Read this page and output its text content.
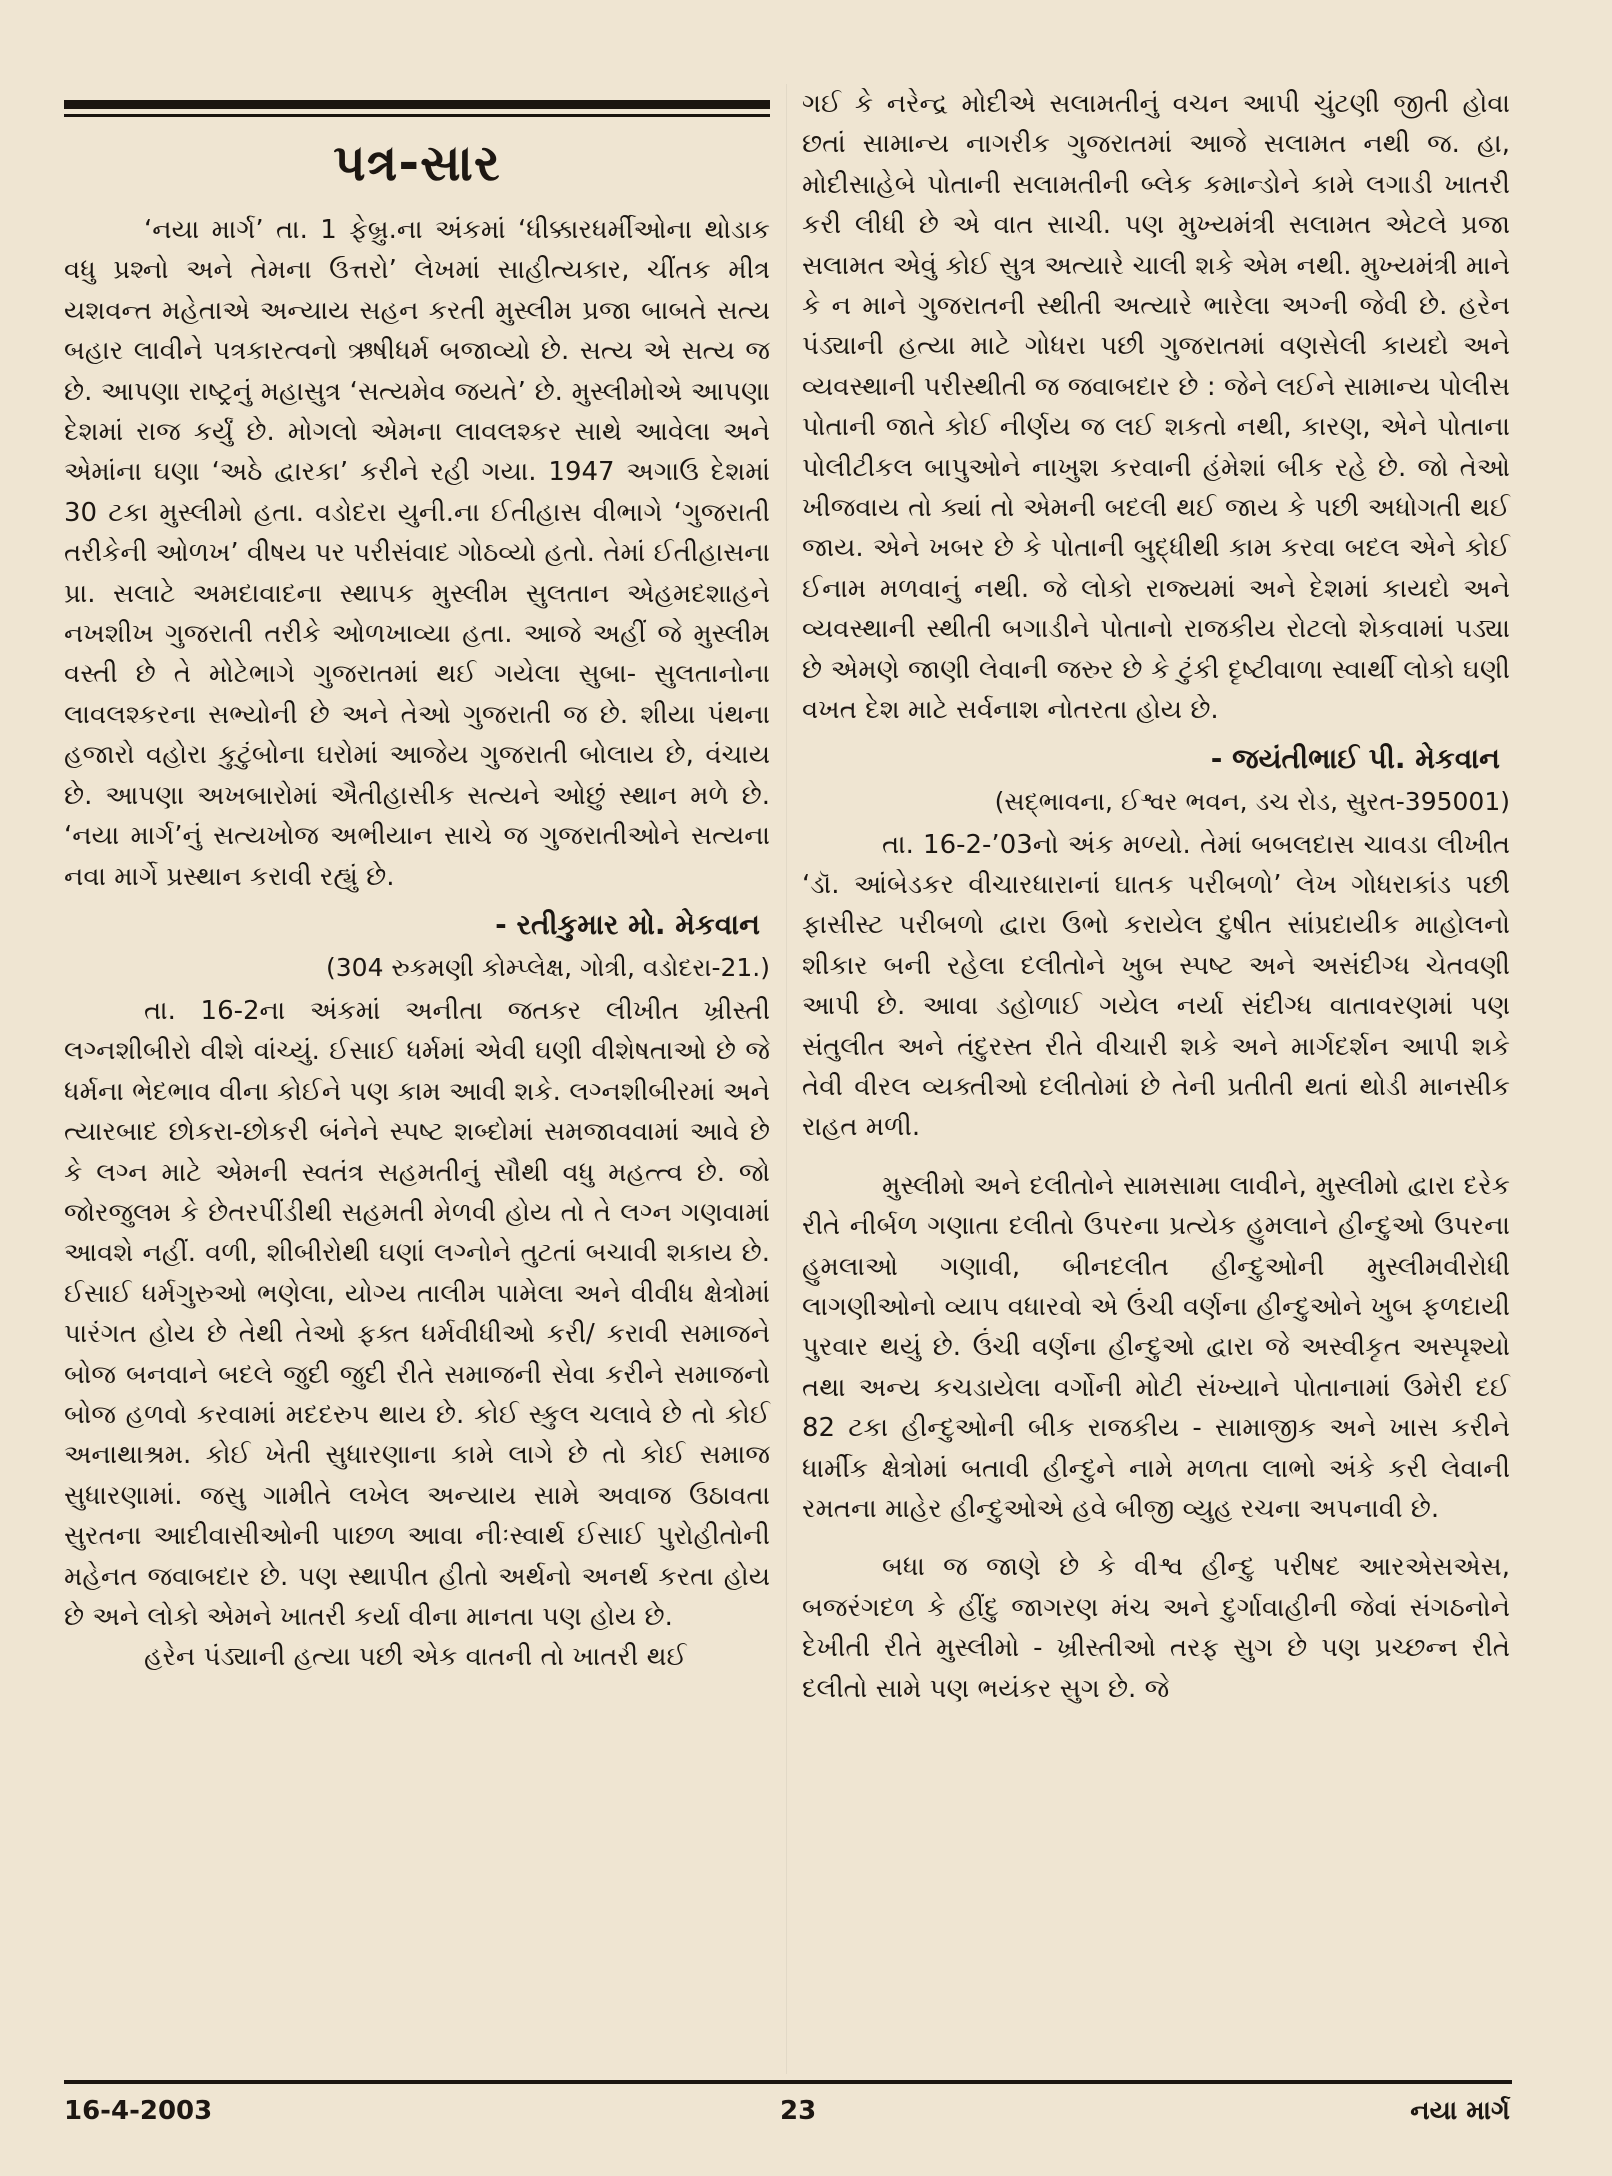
પત્ર-સાર

‘નયા માર્ગ’ તા. 1 ફેબ્રુ.ના અંકમાં ‘ધીક્કારધર્મીઓના થોડાક વધુ પ્રશ્નો અને તેમના ઉત્તરો’ લેખમાં સાહીત્યકાર, ચીંતક મીત્ર યશવન્ત મહેતાએ અન્યાય સહન કરતી મુસ્લીમ પ્રજા બાબતે સત્ય બહાર લાવીને પત્રકારત્વનો ઋષીધર્મ બજાવ્યો છે. સત્ય એ સત્ય જ છે. આપણા રાષ્ટ્રનું મહાસુત્ર ‘સત્યમેવ જયતે’ છે. મુસ્લીમોએ આપણા દેશમાં રાજ કર્યું છે. મોગલો એમના લાવલશ્કર સાથે આવેલા અને એમાંના ઘણા ‘અઠે દ્વારકા’ કરીને રહી ગયા. 1947 અગાઉ દેશમાં 30 ટકા મુસ્લીમો હતા. વડોદરા યુની.ના ઈતીહાસ વીભાગે ‘ગુજરાતી તરીકેની ઓળખ’ વીષય પર પરીસંવાદ ગોઠવ્યો હતો. તેમાં ઈતીહાસના પ્રા. સલાટે અમદાવાદના સ્થાપક મુસ્લીમ સુલતાન એહમદશાહને નખશીખ ગુજરાતી તરીકે ઓળખાવ્યા હતા. આજે અહીં જે મુસ્લીમ વસ્તી છે તે મોટેભાગે ગુજરાતમાં થઈ ગયેલા સુબા- સુલતાનોના લાવલશ્કરના સભ્યોની છે અને તેઓ ગુજરાતી જ છે. શીયા પંથના હજારો વહોરા કુટુંબોના ઘરોમાં આજેય ગુજરાતી બોલાય છે, વંચાય છે. આપણા અખબારોમાં ઐતીહાસીક સત્યને ઓછું સ્થાન મળે છે. ‘નયા માર્ગ’નું સત્યખોજ અભીયાન સાચે જ ગુજરાતીઓને સત્યના નવા માર્ગે પ્રસ્થાન કરાવી રહ્યું છે.

- રતીકુમાર મો. મેકવાન
(304 રુકમણી કોમ્પ્લેક્ષ, ગોત્રી, વડોદરા-21.)

તા. 16-2ના અંકમાં અનીતા જતકર લીખીત ખ્રીસ્તી લગ્નશીબીરો વીશે વાંચ્યું. ઈસાઈ ધર્મમાં એવી ઘણી વીશેષતાઓ છે જે ધર્મના ભેદભાવ વીના કોઈને પણ કામ આવી શકે. લગ્નશીબીરમાં અને ત્યારબાદ છોકરા-છોકરી બંનેને સ્પષ્ટ શબ્દોમાં સમજાવવામાં આવે છે કે લગ્ન માટે એમની સ્વતંત્ર સહમતીનું સૌથી વધુ મહત્ત્વ છે. જો જોરજુલમ કે છેતરપીંડીથી સહમતી મેળવી હોય તો તે લગ્ન ગણવામાં આવશે નહીં. વળી, શીબીરોથી ઘણાં લગ્નોને તુટતાં બચાવી શકાય છે. ઈસાઈ ધર્મગુરુઓ ભણેલા, યોગ્ય તાલીમ પામેલા અને વીવીધ ક્ષેત્રોમાં પારંગત હોય છે તેથી તેઓ ફક્ત ધર્મવીધીઓ કરી/ કરાવી સમાજને બોજ બનવાને બદલે જુદી જુદી રીતે સમાજની સેવા કરીને સમાજનો બોજ હળવો કરવામાં મદદરુપ થાય છે. કોઈ સ્કુલ ચલાવે છે તો કોઈ અનાથાશ્રમ. કોઈ ખેતી સુધારણાના કામે લાગે છે તો કોઈ સમાજ સુધારણામાં. જસુ ગામીતે લખેલ અન્યાય સામે અવાજ ઉઠાવતા સુરતના આદીવાસીઓની પાછળ આવા નીઃસ્વાર્થ ઈસાઈ પુરોહીતોની મહેનત જવાબદાર છે. પણ સ્થાપીત હીતો અર્થનો અનર્થ કરતા હોય છે અને લોકો એમને ખાતરી કર્યા વીના માનતા પણ હોય છે.

હરેન પંડ્યાની હત્યા પછી એક વાતની તો ખાતરી થઈ

ગઈ કે નરેન્દ્ર મોદીએ સલામતીનું વચન આપી ચુંટણી જીતી હોવા છતાં સામાન્ય નાગરીક ગુજરાતમાં આજે સલામત નથી જ. હા, મોદીસાહેબે પોતાની સલામતીની બ્લેક કમાન્ડોને કામે લગાડી ખાતરી કરી લીધી છે એ વાત સાચી. પણ મુખ્યમંત્રી સલામત એટલે પ્રજા સલામત એવું કોઈ સુત્ર અત્યારે ચાલી શકે એમ નથી. મુખ્યમંત્રી માને કે ન માને ગુજરાતની સ્થીતી અત્યારે ભારેલા અગ્ની જેવી છે. હરેન પંડ્યાની હત્યા માટે ગોધરા પછી ગુજરાતમાં વણસેલી કાયદો અને વ્યવસ્થાની પરીસ્થીતી જ જવાબદાર છે : જેને લઈને સામાન્ય પોલીસ પોતાની જાતે કોઈ નીર્ણય જ લઈ શકતો નથી, કારણ, એને પોતાના પોલીટીકલ બાપુઓને નાખુશ કરવાની હંમેશાં બીક રહે છે. જો તેઓ ખીજવાય તો ક્યાં તો એમની બદલી થઈ જાય કે પછી અધોગતી થઈ જાય. એને ખબર છે કે પોતાની બુદ્ધીથી કામ કરવા બદલ એને કોઈ ઈનામ મળવાનું નથી. જે લોકો રાજ્યમાં અને દેશમાં કાયદો અને વ્યવસ્થાની સ્થીતી બગાડીને પોતાનો રાજકીય રોટલો શેકવામાં પડ્યા છે એમણે જાણી લેવાની જરુર છે કે ટુંકી દૃષ્ટીવાળા સ્વાર્થી લોકો ઘણી વખત દેશ માટે સર્વનાશ નોતરતા હોય છે.

- જયંતીભાઈ પી. મેકવાન
(સદ્‌ભાવના, ઈશ્વર ભવન, ડચ રોડ, સુરત-395001)

તા. 16-2-’03નો અંક મળ્યો. તેમાં બબલદાસ ચાવડા લીખીત ‘ડૉ. આંબેડકર વીચારધારાનાં ઘાતક પરીબળો’ લેખ ગોધરાકાંડ પછી ફાસીસ્ટ પરીબળો દ્વારા ઉભો કરાયેલ દુષીત સાંપ્રદાયીક માહોલનો શીકાર બની રહેલા દલીતોને ખુબ સ્પષ્ટ અને અસંદીગ્ધ ચેતવણી આપી છે. આવા ડહોળાઈ ગયેલ નર્યા સંદીગ્ધ વાતાવરણમાં પણ સંતુલીત અને તંદુરસ્ત રીતે વીચારી શકે અને માર્ગદર્શન આપી શકે તેવી વીરલ વ્યક્તીઓ દલીતોમાં છે તેની પ્રતીતી થતાં થોડી માનસીક રાહત મળી.

મુસ્લીમો અને દલીતોને સામસામા લાવીને, મુસ્લીમો દ્વારા દરેક રીતે નીર્બળ ગણાતા દલીતો ઉપરના પ્રત્યેક હુમલાને હીન્દુઓ ઉપરના હુમલાઓ ગણાવી, બીનદલીત હીન્દુઓની મુસ્લીમવીરોધી લાગણીઓનો વ્યાપ વધારવો એ ઉંચી વર્ણના હીન્દુઓને ખુબ ફળદાયી પુરવાર થયું છે. ઉંચી વર્ણના હીન્દુઓ દ્વારા જે અસ્વીકૃત અસ્પૃશ્યો તથા અન્ય કચડાયેલા વર્ગોની મોટી સંખ્યાને પોતાનામાં ઉમેરી દઈ 82 ટકા હીન્દુઓની બીક રાજકીય - સામાજીક અને ખાસ કરીને ધાર્મીક ક્ષેત્રોમાં બતાવી હીન્દુને નામે મળતા લાભો અંકે કરી લેવાની રમતના માહેર હીન્દુઓએ હવે બીજી વ્યુહ રચના અપનાવી છે.

બધા જ જાણે છે કે વીશ્વ હીન્દુ પરીષદ આરએસએસ, બજરંગદળ કે હીંદુ જાગરણ મંચ અને દુર્ગાવાહીની જેવાં સંગઠનોને દેખીતી રીતે મુસ્લીમો - ખ્રીસ્તીઓ તરફ સુગ છે પણ પ્રચ્છન્ન રીતે દલીતો સામે પણ ભયંકર સુગ છે. જે

16-4-2003	23	નયા માર્ગ
